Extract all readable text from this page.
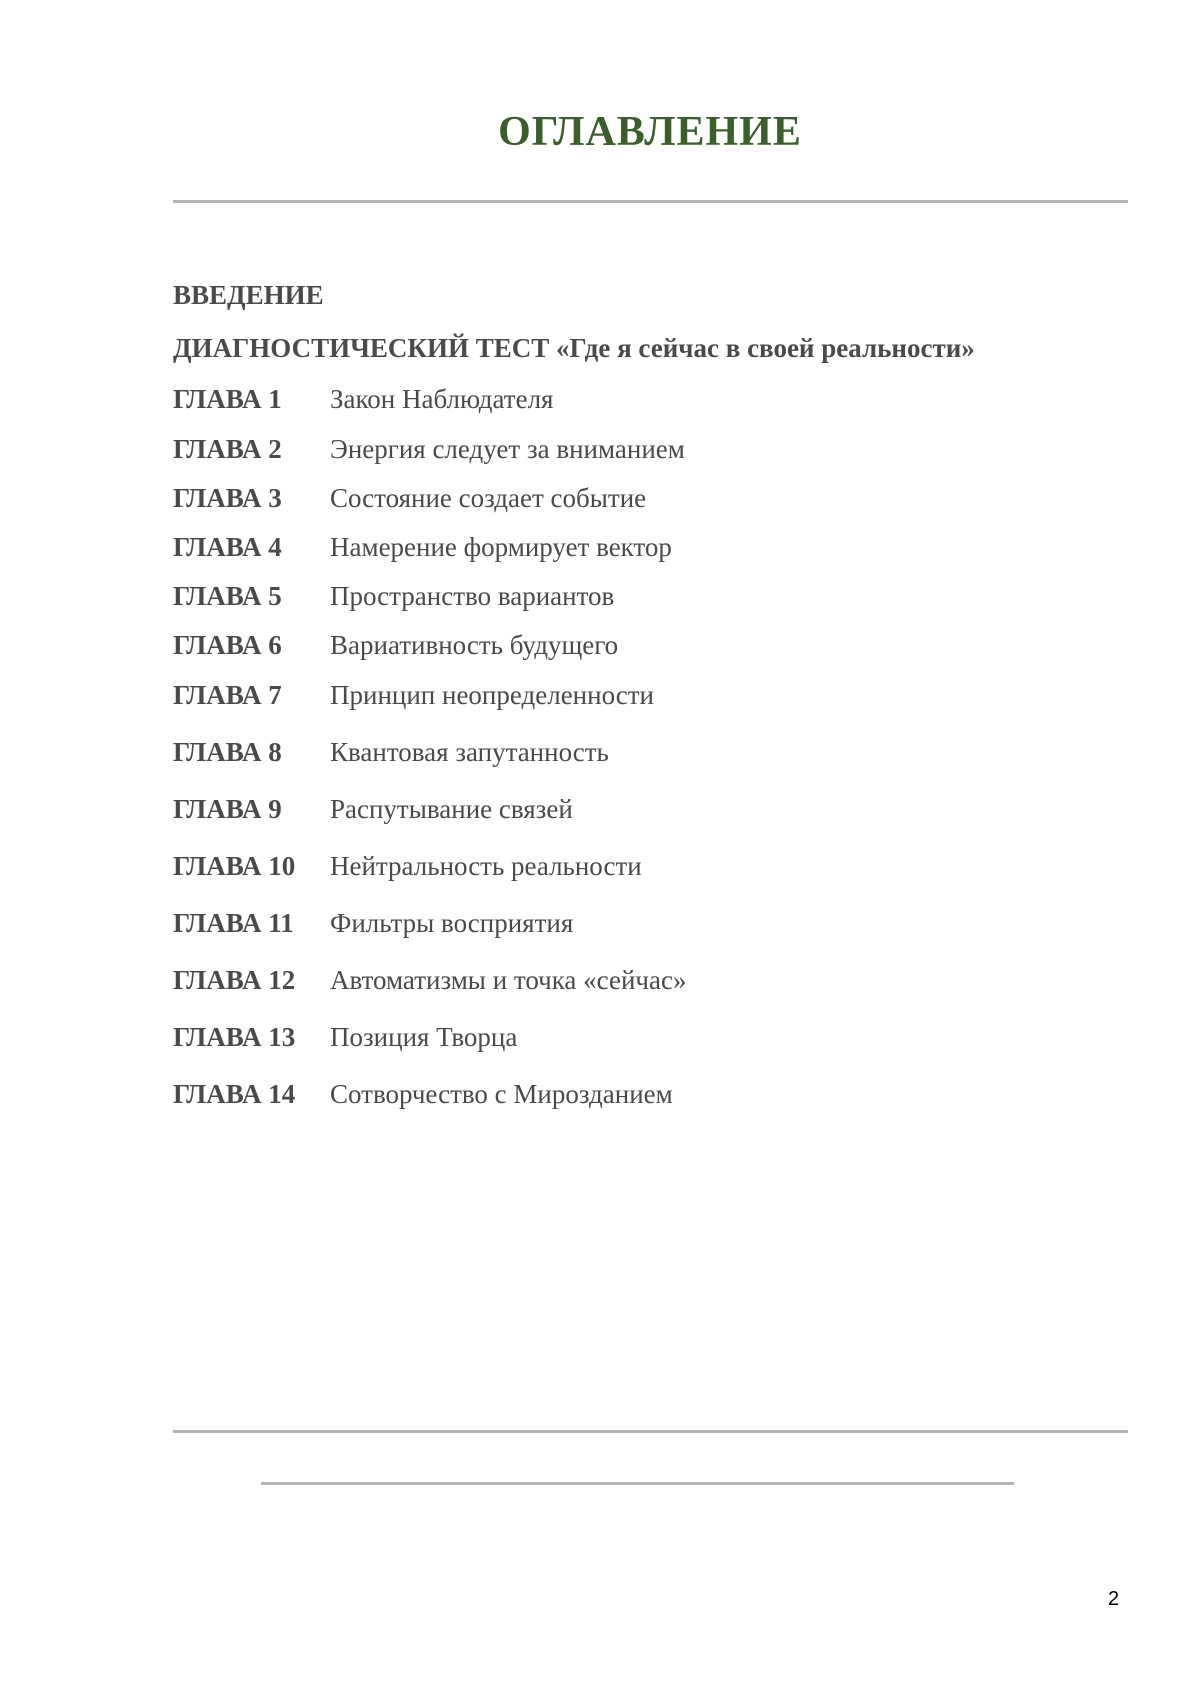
ОГЛАВЛЕНИЕ
ВВЕДЕНИЕ
ДИАГНОСТИЧЕСКИЙ ТЕСТ «Где я сейчас в своей реальности»
ГЛАВА 1 Закон Наблюдателя
ГЛАВА 2 Энергия следует за вниманием
ГЛАВА 3 Состояние создает событие
ГЛАВА 4 Намерение формирует вектор
ГЛАВА 5 Пространство вариантов
ГЛАВА 6 Вариативность будущего
ГЛАВА 7 Принцип неопределенности
ГЛАВА 8 Квантовая запутанность
ГЛАВА 9 Распутывание связей
ГЛАВА 10 Нейтральность реальности
ГЛАВА 11 Фильтры восприятия
ГЛАВА 12 Автоматизмы и точка «сейчас»
ГЛАВА 13 Позиция Творца
ГЛАВА 14 Сотворчество с Мирозданием
2
